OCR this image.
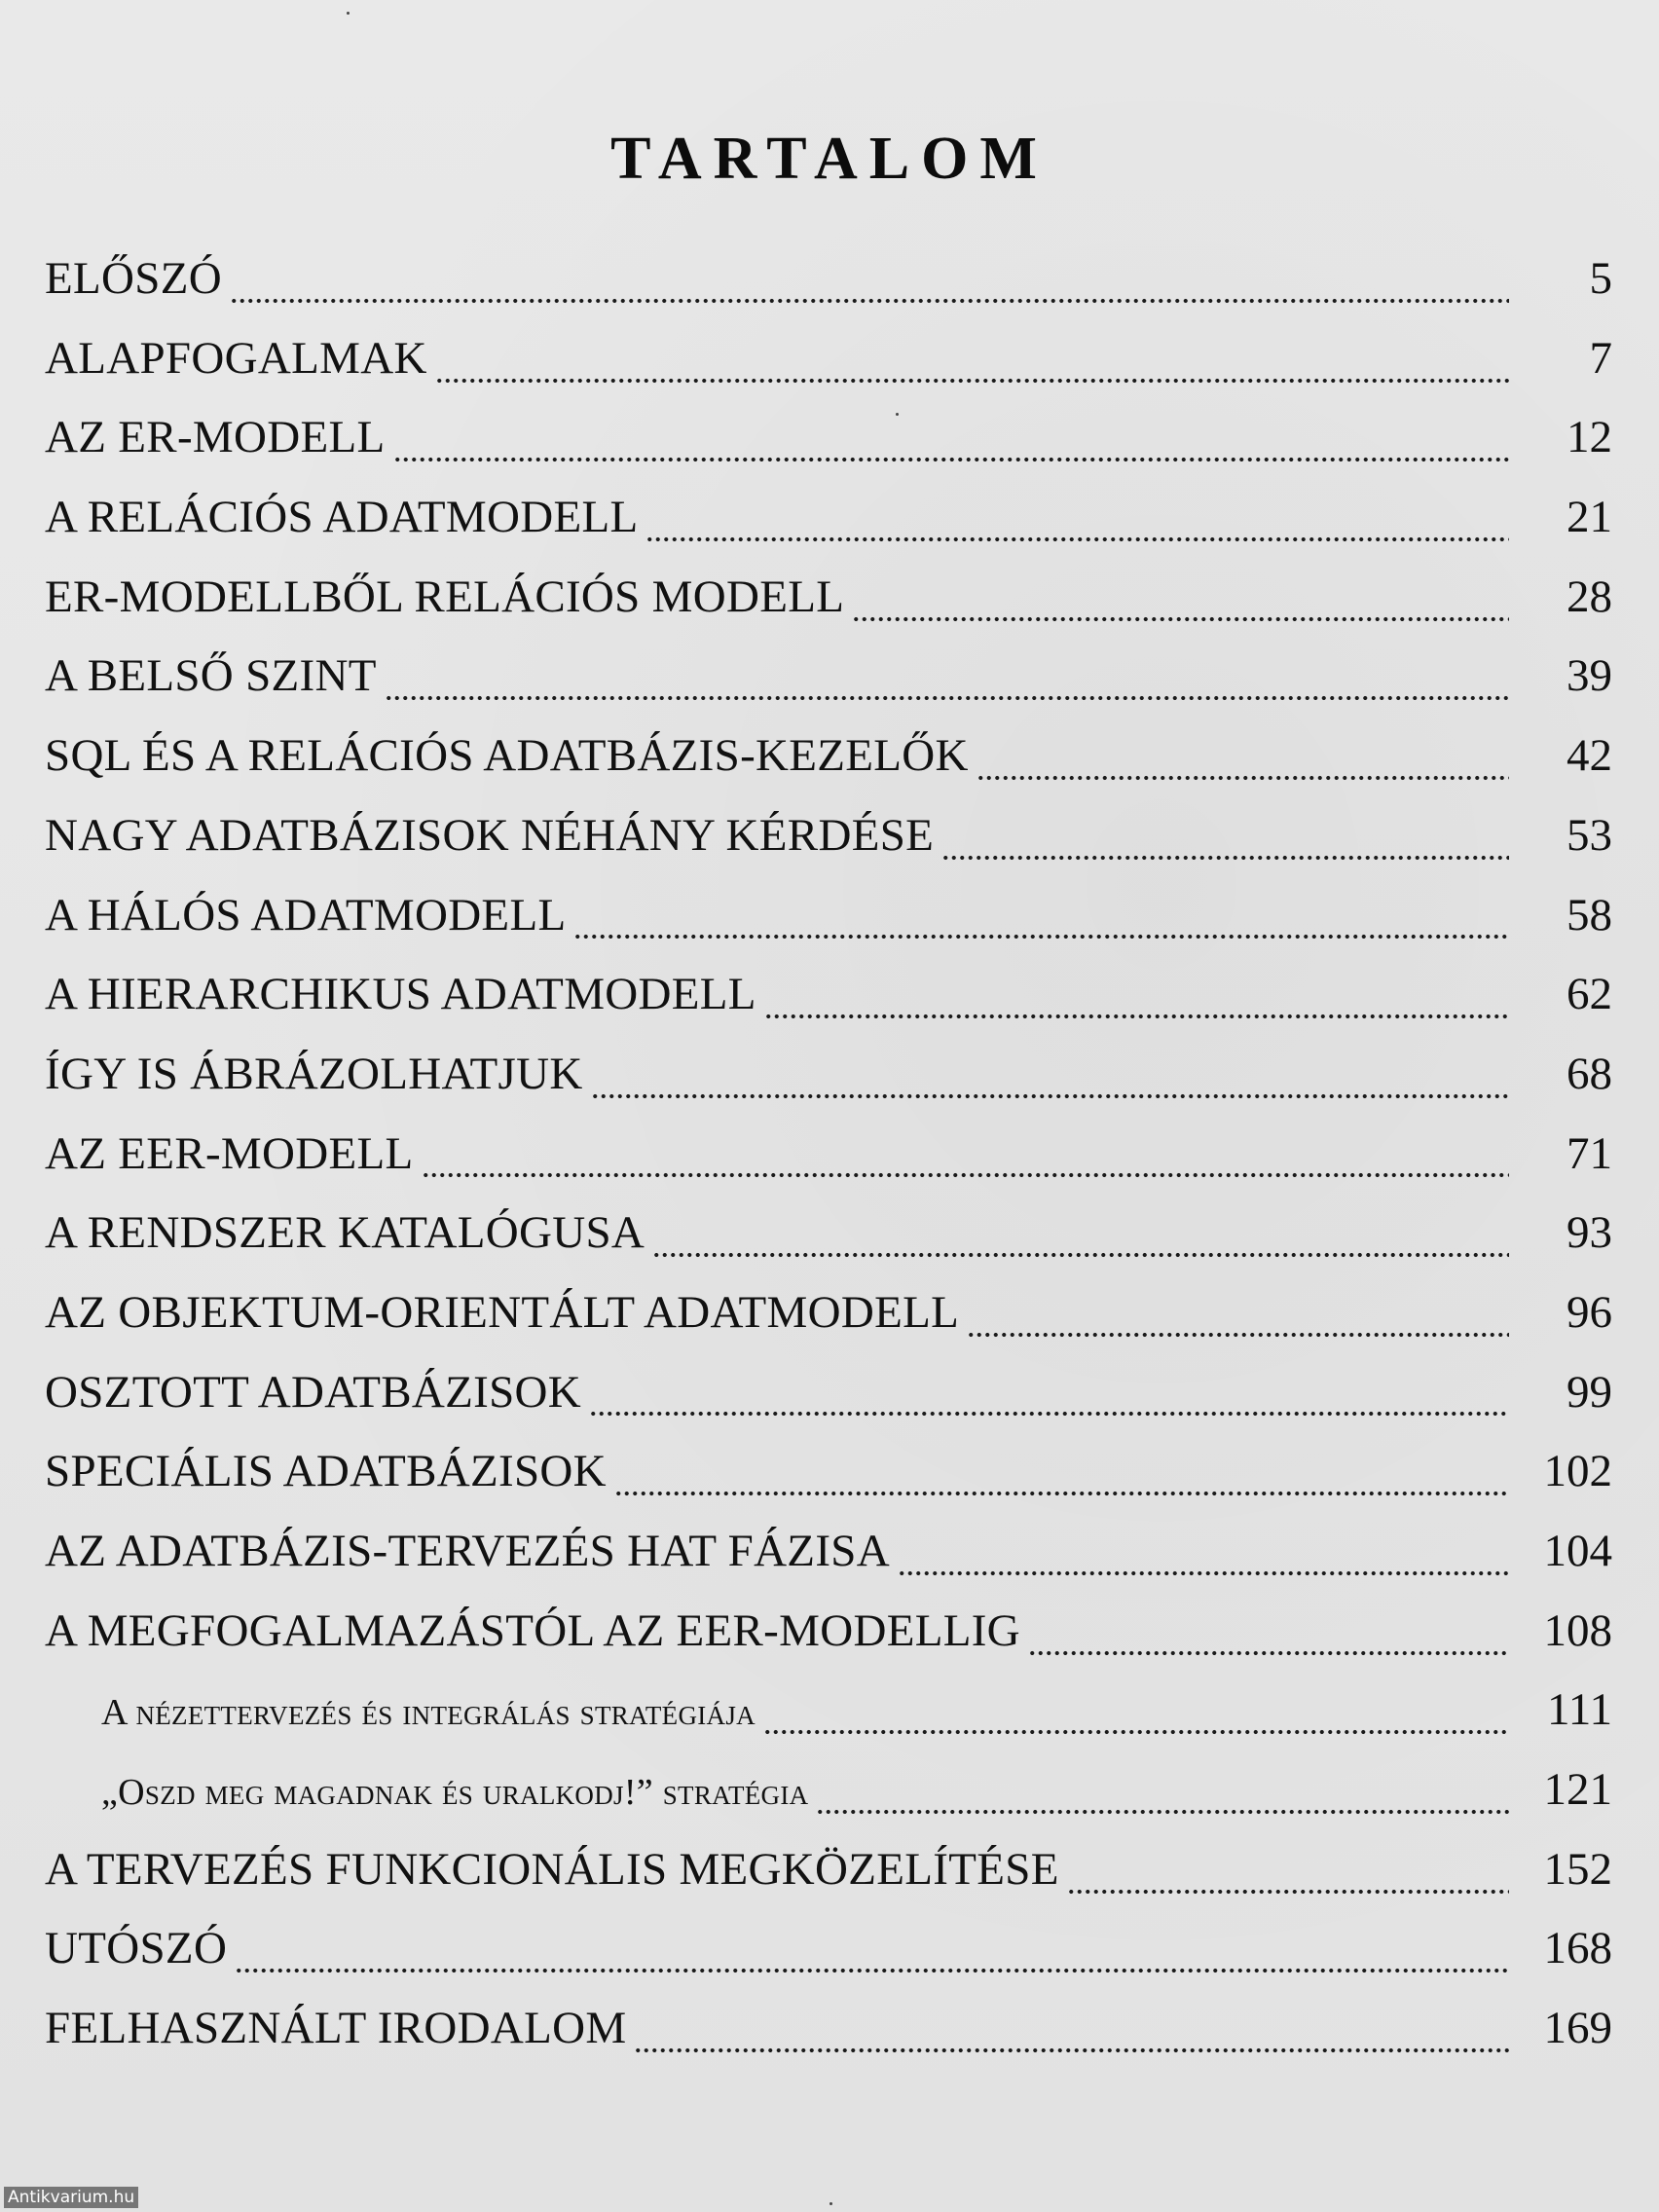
TARTALOM
ELŐSZÓ	5
ALAPFOGALMAK	7
AZ ER-MODELL	12
A RELÁCIÓS ADATMODELL	21
ER-MODELLBŐL RELÁCIÓS MODELL	28
A BELSŐ SZINT	39
SQL ÉS A RELÁCIÓS ADATBÁZIS-KEZELŐK	42
NAGY ADATBÁZISOK NÉHÁNY KÉRDÉSE	53
A HÁLÓS ADATMODELL	58
A HIERARCHIKUS ADATMODELL	62
ÍGY IS ÁBRÁZOLHATJUK	68
AZ EER-MODELL	71
A RENDSZER KATALÓGUSA	93
AZ OBJEKTUM-ORIENTÁLT ADATMODELL	96
OSZTOTT ADATBÁZISOK	99
SPECIÁLIS ADATBÁZISOK	102
AZ ADATBÁZIS-TERVEZÉS HAT FÁZISA	104
A MEGFOGALMAZÁSTÓL AZ EER-MODELLIG	108
A nézettervezés és integrálás stratégiája	111
„Oszd meg magadnak és uralkodj!” stratégia	121
A TERVEZÉS FUNKCIONÁLIS MEGKÖZELÍTÉSE	152
UTÓSZÓ	168
FELHASZNÁLT IRODALOM	169
Antikvarium.hu
